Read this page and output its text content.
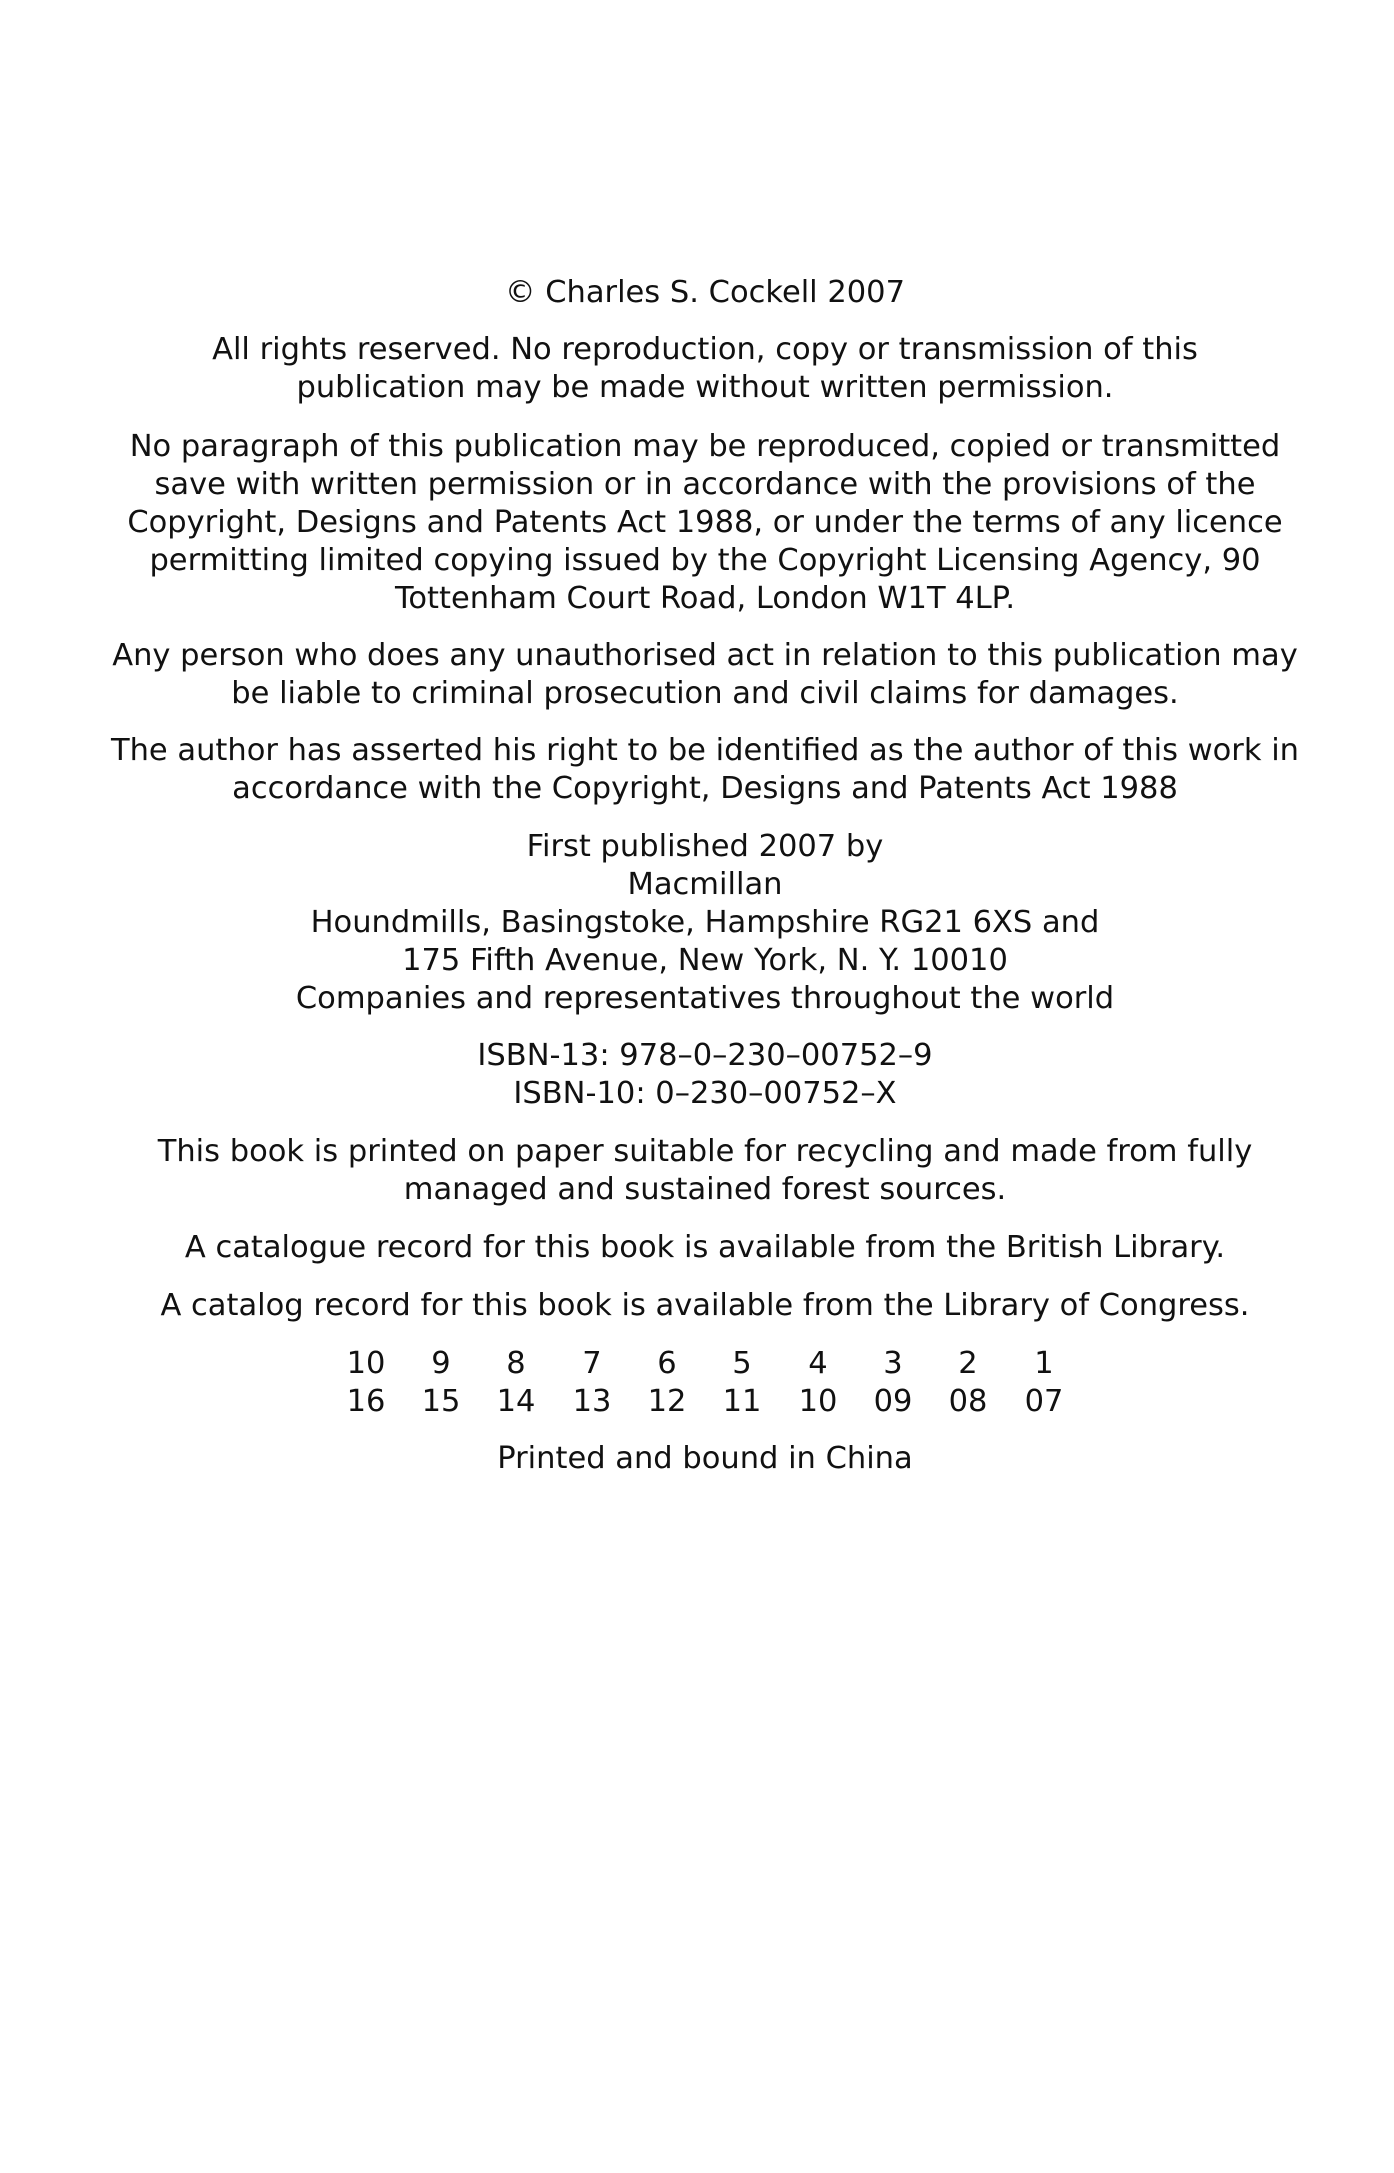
© Charles S. Cockell 2007
All rights reserved. No reproduction, copy or transmission of this
publication may be made without written permission.
No paragraph of this publication may be reproduced, copied or transmitted
save with written permission or in accordance with the provisions of the
Copyright, Designs and Patents Act 1988, or under the terms of any licence
permitting limited copying issued by the Copyright Licensing Agency, 90
Tottenham Court Road, London W1T 4LP.
Any person who does any unauthorised act in relation to this publication may
be liable to criminal prosecution and civil claims for damages.
The author has asserted his right to be identified as the author of this work in
accordance with the Copyright, Designs and Patents Act 1988
First published 2007 by
Macmillan
Houndmills, Basingstoke, Hampshire RG21 6XS and
175 Fifth Avenue, New York, N. Y. 10010
Companies and representatives throughout the world
ISBN-13: 978–0–230–00752–9
ISBN-10: 0–230–00752–X
This book is printed on paper suitable for recycling and made from fully
managed and sustained forest sources.
A catalogue record for this book is available from the British Library.
A catalog record for this book is available from the Library of Congress.
10	9	8	7	6	5	4	3	2	1
16	15	14	13	12	11	10	09	08	07
Printed and bound in China
